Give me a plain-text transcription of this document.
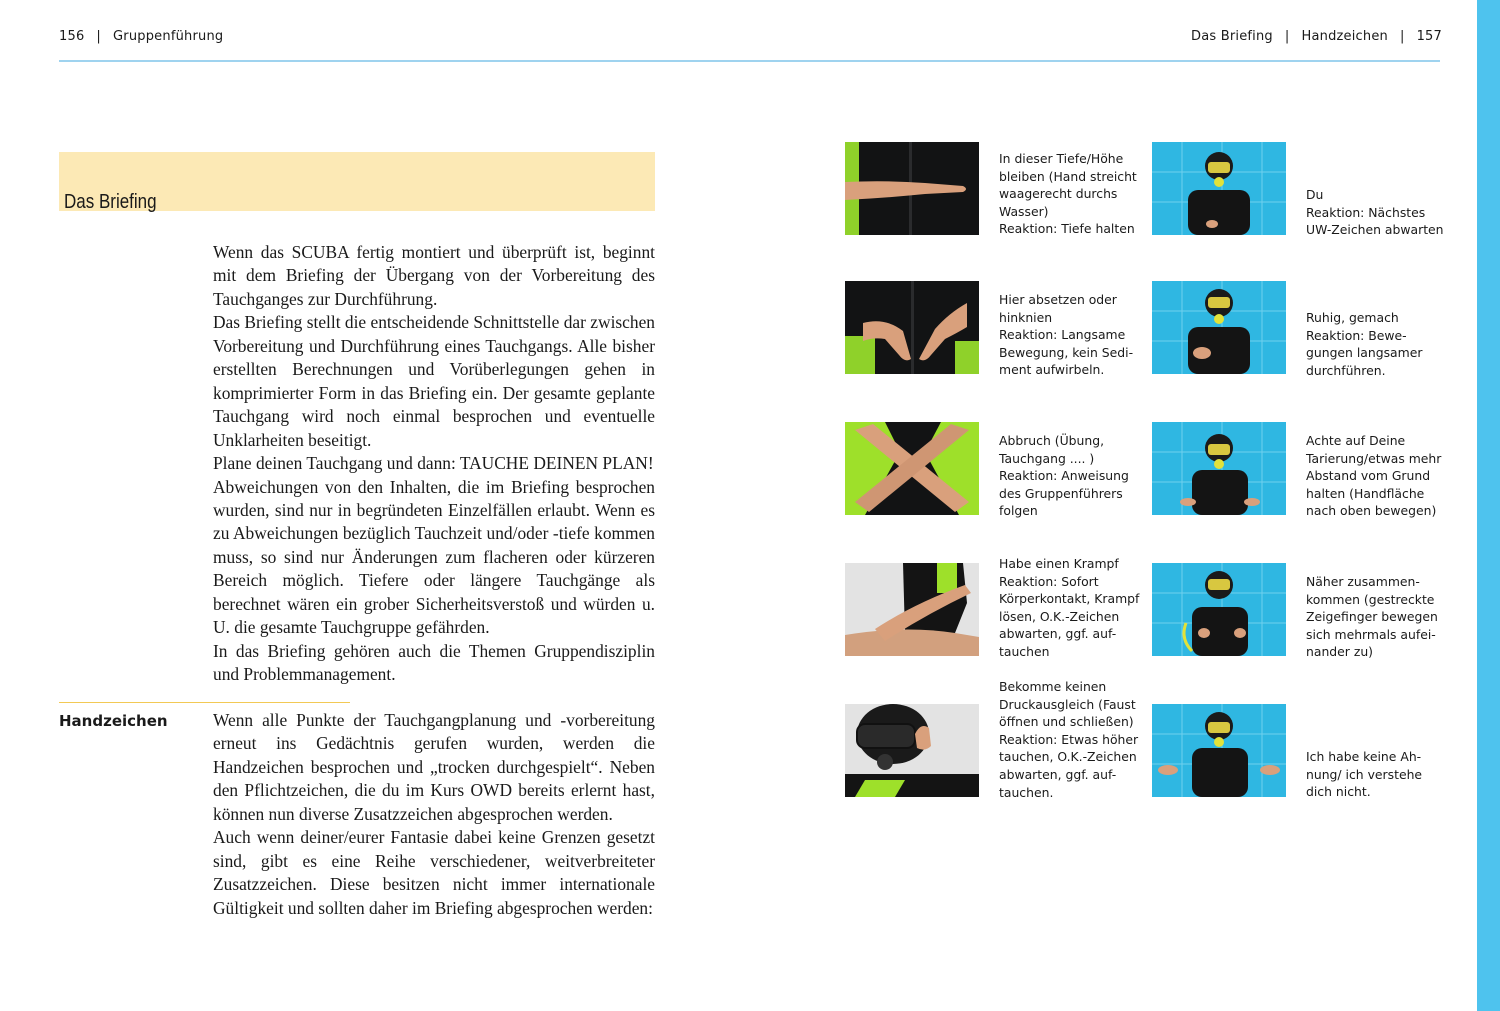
156 | Gruppenführung	Das Briefing | Handzeichen | 157
Das Briefing

Wenn das SCUBA fertig montiert und überprüft ist, beginnt mit dem Briefing der Übergang von der Vorbereitung des Tauchganges zur Durchführung.

Das Briefing stellt die entscheidende Schnittstelle dar zwischen Vorbereitung und Durchführung eines Tauchgangs. Alle bisher erstellten Berechnungen und Vorüberlegungen gehen in komprimierter Form in das Briefing ein. Der gesamte geplante Tauchgang wird noch einmal besprochen und eventuelle Unklarheiten beseitigt.

Plane deinen Tauchgang und dann: TAUCHE DEINEN PLAN!

Abweichungen von den Inhalten, die im Briefing besprochen wurden, sind nur in begründeten Einzelfällen erlaubt. Wenn es zu Abweichungen bezüglich Tauchzeit und/oder -tiefe kommen muss, so sind nur Änderungen zum flacheren oder kürzeren Bereich möglich. Tiefere oder längere Tauchgänge als berechnet wären ein grober Sicherheitsverstoß und würden u. U. die gesamte Tauchgruppe gefährden.

In das Briefing gehören auch die Themen Gruppendisziplin und Problemmanagement.

Handzeichen	Wenn alle Punkte der Tauchgangplanung und -vorbereitung erneut ins Gedächtnis gerufen wurden, werden die Handzeichen besprochen und „trocken durchgespielt“. Neben den Pflichtzeichen, die du im Kurs OWD bereits erlernt hast, können nun diverse Zusatzzeichen abgesprochen werden.

Auch wenn deiner/eurer Fantasie dabei keine Grenzen gesetzt sind, gibt es eine Reihe verschiedener, weitverbreiteter Zusatzzeichen. Diese besitzen nicht immer internationale Gültigkeit und sollten daher im Briefing abgesprochen werden:

In dieser Tiefe/Höhe
bleiben (Hand streicht
waagerecht durchs
Wasser)
Reaktion: Tiefe halten
Du
Reaktion: Nächstes
UW-Zeichen abwarten
Hier absetzen oder
hinknien
Reaktion: Langsame
Bewegung, kein Sedi-
ment aufwirbeln.
Ruhig, gemach
Reaktion: Bewe-
gungen langsamer
durchführen.
Abbruch (Übung,
Tauchgang .... )
Reaktion: Anweisung
des Gruppenführers
folgen
Achte auf Deine
Tarierung/etwas mehr
Abstand vom Grund
halten (Handfläche
nach oben bewegen)
Habe einen Krampf
Reaktion: Sofort
Körperkontakt, Krampf
lösen, O.K.-Zeichen
abwarten, ggf. auf-
tauchen
Näher zusammen-
kommen (gestreckte
Zeigefinger bewegen
sich mehrmals aufei-
nander zu)
Bekomme keinen
Druckausgleich (Faust
öffnen und schließen)
Reaktion: Etwas höher
tauchen, O.K.-Zeichen
abwarten, ggf. auf-
tauchen.
Ich habe keine Ah-
nung/ ich verstehe
dich nicht.
